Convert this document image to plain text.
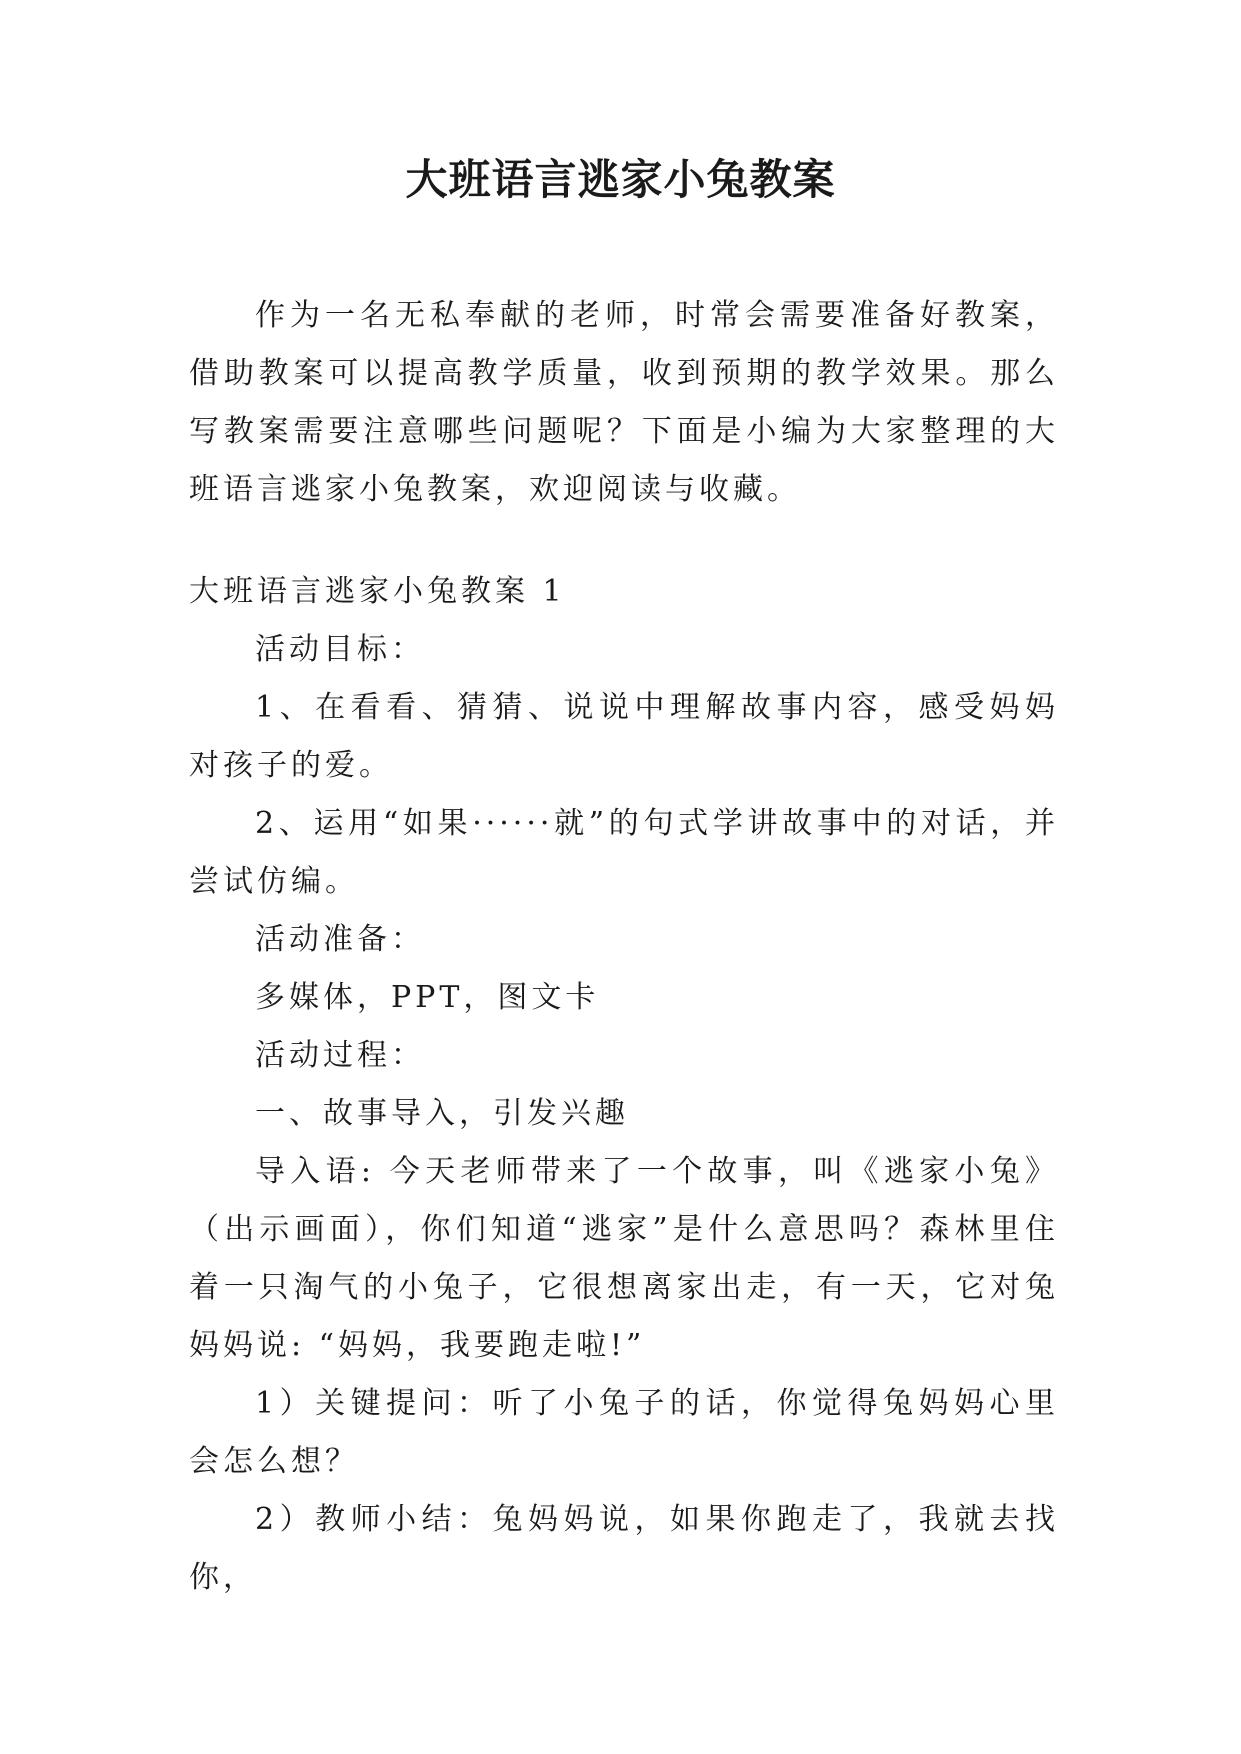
大班语言逃家小兔教案

作为一名无私奉献的老师，时常会需要准备好教案，借助教案可以提高教学质量，收到预期的教学效果。那么写教案需要注意哪些问题呢？下面是小编为大家整理的大班语言逃家小兔教案，欢迎阅读与收藏。

大班语言逃家小兔教案 1

活动目标：

1、在看看、猜猜、说说中理解故事内容，感受妈妈对孩子的爱。

2、运用“如果······就”的句式学讲故事中的对话，并尝试仿编。

活动准备：

多媒体，PPT，图文卡

活动过程：

一、故事导入，引发兴趣

导入语: 今天老师带来了一个故事，叫《逃家小兔》（出示画面），你们知道“逃家”是什么意思吗？森林里住着一只淘气的小兔子，它很想离家出走，有一天，它对兔妈妈说: “妈妈，我要跑走啦!”

1）关键提问：听了小兔子的话，你觉得兔妈妈心里会怎么想？

2）教师小结：兔妈妈说，如果你跑走了，我就去找你，
